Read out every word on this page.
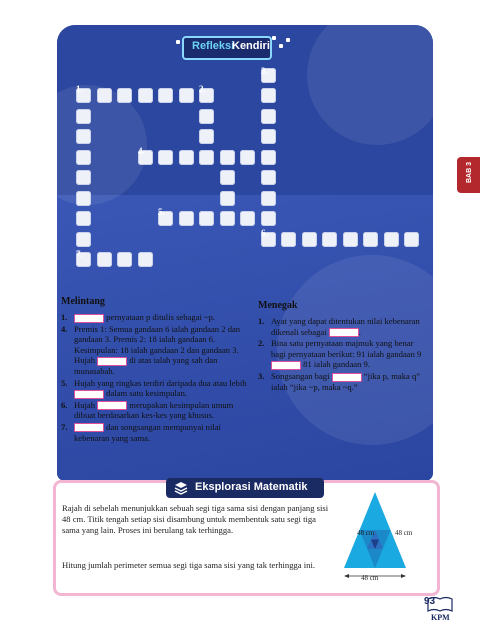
Refleksi
Kendiri
1.	2.
3.
4.
5.
6.
7.
Melintang
1.	pernyataan p ditulis sebagai ~p.
4. Premis 1: Semua gandaan 6 ialah gandaan 2 dan gandaan 3. Premis 2: 18 ialah gandaan 6. Kesimpulan: 18 ialah gandaan 2 dan gandaan 3. Hujah	di atas ialah yang sah dan munasabah.
5. Hujah yang ringkas terdiri daripada dua atau lebih  dalam satu kesimpulan.
6. Hujah	merupakan kesimpulan umum dibuat berdasarkan kes-kes yang khusus.
7.	dan songsangan mempunyai nilai kebenaran yang sama.
Menegak
1. Ayat yang dapat ditentukan nilai kebenaran dikenali sebagai	.
2. Bina satu pernyataan majmuk yang benar bagi pernyataan berikut: 91 ialah gandaan 9  81 ialah gandaan 9.
3. Songsangan bagi	“jika p, maka q” ialah “jika ~p, maka ~q.”
Eksplorasi Matematik
Rajah di sebelah menunjukkan sebuah segi tiga sama sisi dengan panjang sisi 48 cm. Titik tengah setiap sisi disambung untuk membentuk satu segi tiga sama yang lain. Proses ini berulang tak terhingga.
Hitung jumlah perimeter semua segi tiga sama sisi yang tak terhingga ini.
48 cm	48 cm
48 cm
BAB 3
93
KPM
